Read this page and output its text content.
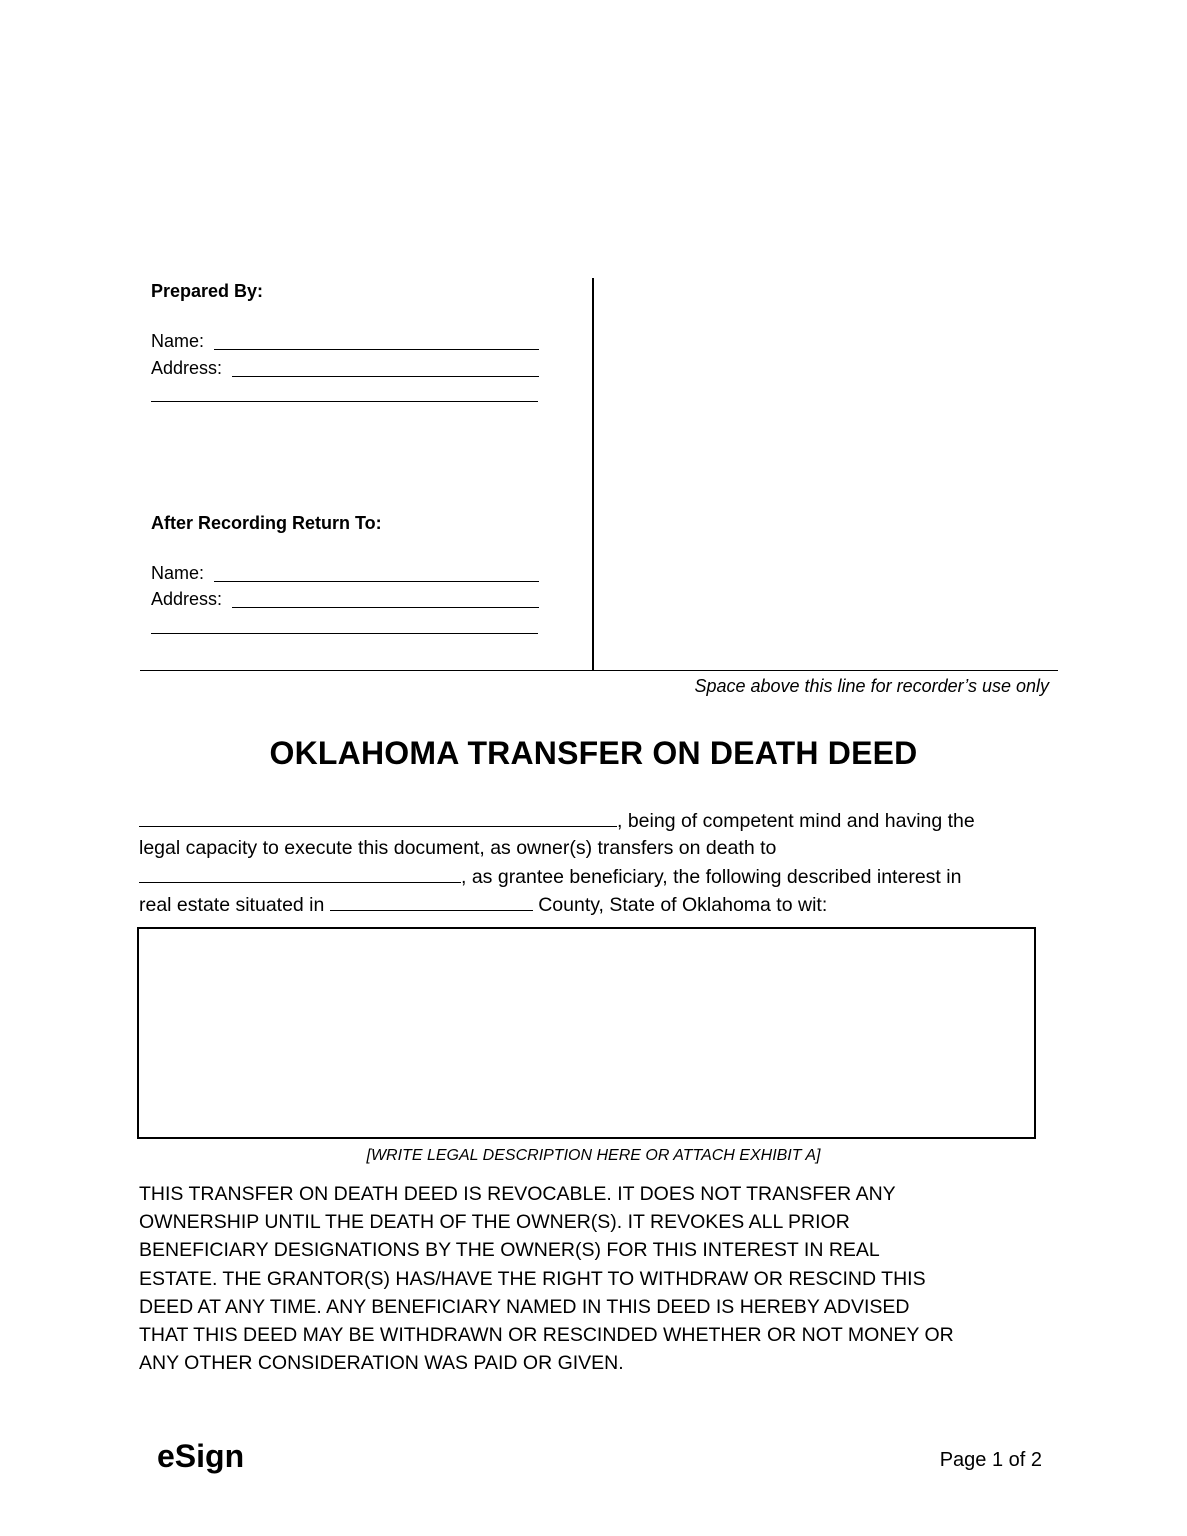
Prepared By:
Name:
Address:
After Recording Return To:
Name:
Address:
Space above this line for recorder’s use only
OKLAHOMA TRANSFER ON DEATH DEED
, being of competent mind and having the
legal capacity to execute this document, as owner(s) transfers on death to
, as grantee beneficiary, the following described interest in
real estate situated in	County, State of Oklahoma to wit:
[WRITE LEGAL DESCRIPTION HERE OR ATTACH EXHIBIT A]
THIS TRANSFER ON DEATH DEED IS REVOCABLE. IT DOES NOT TRANSFER ANY
OWNERSHIP UNTIL THE DEATH OF THE OWNER(S). IT REVOKES ALL PRIOR
BENEFICIARY DESIGNATIONS BY THE OWNER(S) FOR THIS INTEREST IN REAL
ESTATE. THE GRANTOR(S) HAS/HAVE THE RIGHT TO WITHDRAW OR RESCIND THIS
DEED AT ANY TIME. ANY BENEFICIARY NAMED IN THIS DEED IS HEREBY ADVISED
THAT THIS DEED MAY BE WITHDRAWN OR RESCINDED WHETHER OR NOT MONEY OR
ANY OTHER CONSIDERATION WAS PAID OR GIVEN.
eSign	Page 1 of 2
